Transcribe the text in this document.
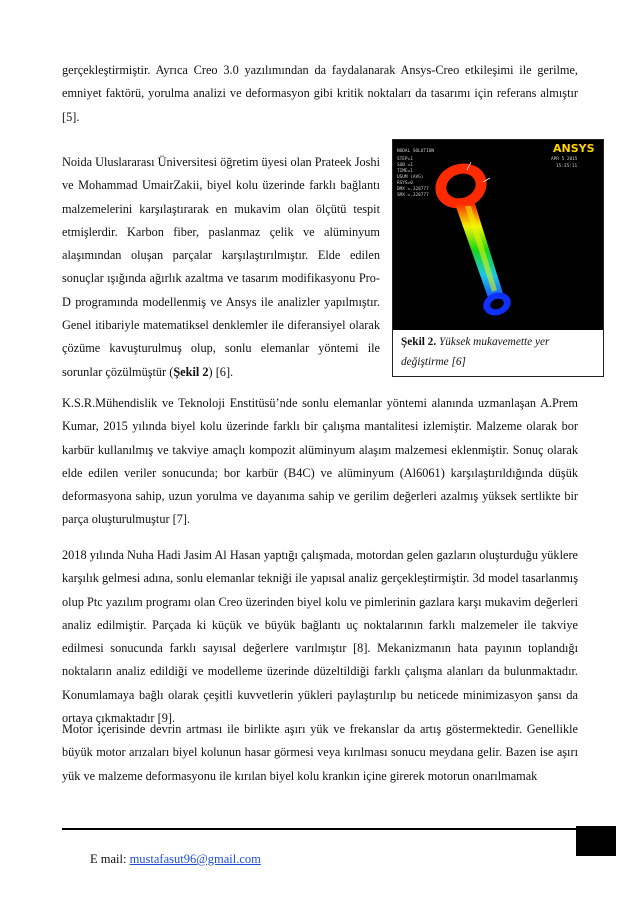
gerçekleştirmiştir. Ayrıca Creo 3.0 yazılımından da faydalanarak Ansys-Creo etkileşimi ile gerilme, emniyet faktörü, yorulma analizi ve deformasyon gibi kritik noktaları da tasarımı için referans almıştır [5].

Noida Uluslararası Üniversitesi öğretim üyesi olan Prateek Joshi ve Mohammad UmairZakii, biyel kolu üzerinde farklı bağlantı malzemelerini karşılaştırarak en mukavim olan ölçütü tespit etmişlerdir. Karbon fiber, paslanmaz çelik ve alüminyum alaşımından oluşan parçalar karşılaştırılmıştır. Elde edilen sonuçlar ışığında ağırlık azaltma ve tasarım modifikasyonu Pro-D programında modellenmiş ve Ansys ile analizler yapılmıştır. Genel itibariyle matematiksel denklemler ile diferansiyel olarak çözüme kavuşturulmuş olup, sonlu elemanlar yöntemi ile sorunlar çözülmüştür (Şekil 2) [6].

K.S.R.Mühendislik ve Teknoloji Enstitüsü’nde sonlu elemanlar yöntemi alanında uzmanlaşan A.Prem Kumar, 2015 yılında biyel kolu üzerinde farklı bir çalışma mantalitesi izlemiştir. Malzeme olarak bor karbür kullanılmış ve takviye amaçlı kompozit alüminyum alaşım malzemesi eklenmiştir. Sonuç olarak elde edilen veriler sonucunda; bor karbür (B4C) ve alüminyum (Al6061) karşılaştırıldığında düşük deformasyona sahip, uzun yorulma ve dayanıma sahip ve gerilim değerleri azalmış yüksek sertlikte bir parça oluşturulmuştur [7].

2018 yılında Nuha Hadi Jasim Al Hasan yaptığı çalışmada, motordan gelen gazların oluşturduğu yüklere karşılık gelmesi adına, sonlu elemanlar tekniği ile yapısal analiz gerçekleştirmiştir. 3d model tasarlanmış olup Ptc yazılım programı olan Creo üzerinden biyel kolu ve pimlerinin gazlara karşı mukavim değerleri analiz edilmiştir. Parçada ki küçük ve büyük bağlantı uç noktalarının farklı malzemeler ile takviye edilmesi sonucunda farklı sayısal değerlere varılmıştır [8]. Mekanizmanın hata payının toplandığı noktaların analiz edildiği ve modelleme üzerinde düzeltildiği farklı çalışma alanları da bulunmaktadır. Konumlamaya bağlı olarak çeşitli kuvvetlerin yükleri paylaştırılıp bu neticede minimizasyon şansı da ortaya çıkmaktadır [9].

Motor içerisinde devrin artması ile birlikte aşırı yük ve frekanslar da artış göstermektedir. Genellikle büyük motor arızaları biyel kolunun hasar görmesi veya kırılması sonucu meydana gelir. Bazen ise aşırı yük ve malzeme deformasyonu ile kırılan biyel kolu krankın içine girerek motorun onarılmamak

NODAL SOLUTION
STEP=1
SUB =1
TIME=1
USUM (AVG)
RSYS=0
DMX =.328777
SMX =.328777
APR 5 2015
15:35:11
ANSYS
Şekil 2. Yüksek mukavemette yer değiştirme [6]
E mail: mustafasut96@gmail.com
